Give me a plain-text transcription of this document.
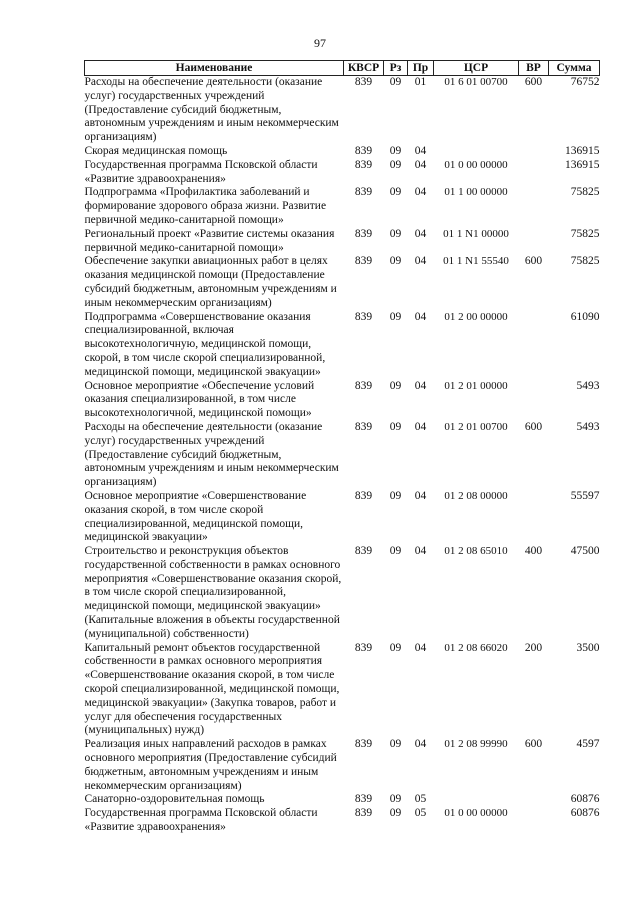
97
Наименование	КВСР	Рз	Пр	ЦСР	ВР	Сумма
Расходы на обеспечение деятельности (оказание услуг) государственных учреждений (Предоставление субсидий бюджетным, автономным учреждениям и иным некоммерческим организациям)	839	09	01	01 6 01 00700	600	76752
Скорая медицинская помощь	839	09	04			136915
Государственная программа Псковской области «Развитие здравоохранения»	839	09	04	01 0 00 00000		136915
Подпрограмма «Профилактика заболеваний и формирование здорового образа жизни. Развитие первичной медико-санитарной помощи»	839	09	04	01 1 00 00000		75825
Региональный проект «Развитие системы оказания первичной медико-санитарной помощи»	839	09	04	01 1 N1 00000		75825
Обеспечение закупки авиационных работ в целях оказания медицинской помощи (Предоставление субсидий бюджетным, автономным учреждениям и иным некоммерческим организациям)	839	09	04	01 1 N1 55540	600	75825
Подпрограмма «Совершенствование оказания специализированной, включая высокотехнологичную, медицинской помощи, скорой, в том числе скорой специализированной, медицинской помощи, медицинской эвакуации»	839	09	04	01 2 00 00000		61090
Основное мероприятие «Обеспечение условий оказания специализированной, в том числе высокотехнологичной, медицинской помощи»	839	09	04	01 2 01 00000		5493
Расходы на обеспечение деятельности (оказание услуг) государственных учреждений (Предоставление субсидий бюджетным, автономным учреждениям и иным некоммерческим организациям)	839	09	04	01 2 01 00700	600	5493
Основное мероприятие «Совершенствование оказания скорой, в том числе скорой специализированной, медицинской помощи, медицинской эвакуации»	839	09	04	01 2 08 00000		55597
Строительство и реконструкция объектов государственной собственности в рамках основного мероприятия «Совершенствование оказания скорой, в том числе скорой специализированной, медицинской помощи, медицинской эвакуации» (Капитальные вложения в объекты государственной (муниципальной) собственности)	839	09	04	01 2 08 65010	400	47500
Капитальный ремонт объектов государственной собственности в рамках основного мероприятия «Совершенствование оказания скорой, в том числе скорой специализированной, медицинской помощи, медицинской эвакуации» (Закупка товаров, работ и услуг для обеспечения государственных (муниципальных) нужд)	839	09	04	01 2 08 66020	200	3500
Реализация иных направлений расходов в рамках основного мероприятия (Предоставление субсидий бюджетным, автономным учреждениям и иным некоммерческим организациям)	839	09	04	01 2 08 99990	600	4597
Санаторно-оздоровительная помощь	839	09	05			60876
Государственная программа Псковской области «Развитие здравоохранения»	839	09	05	01 0 00 00000		60876
